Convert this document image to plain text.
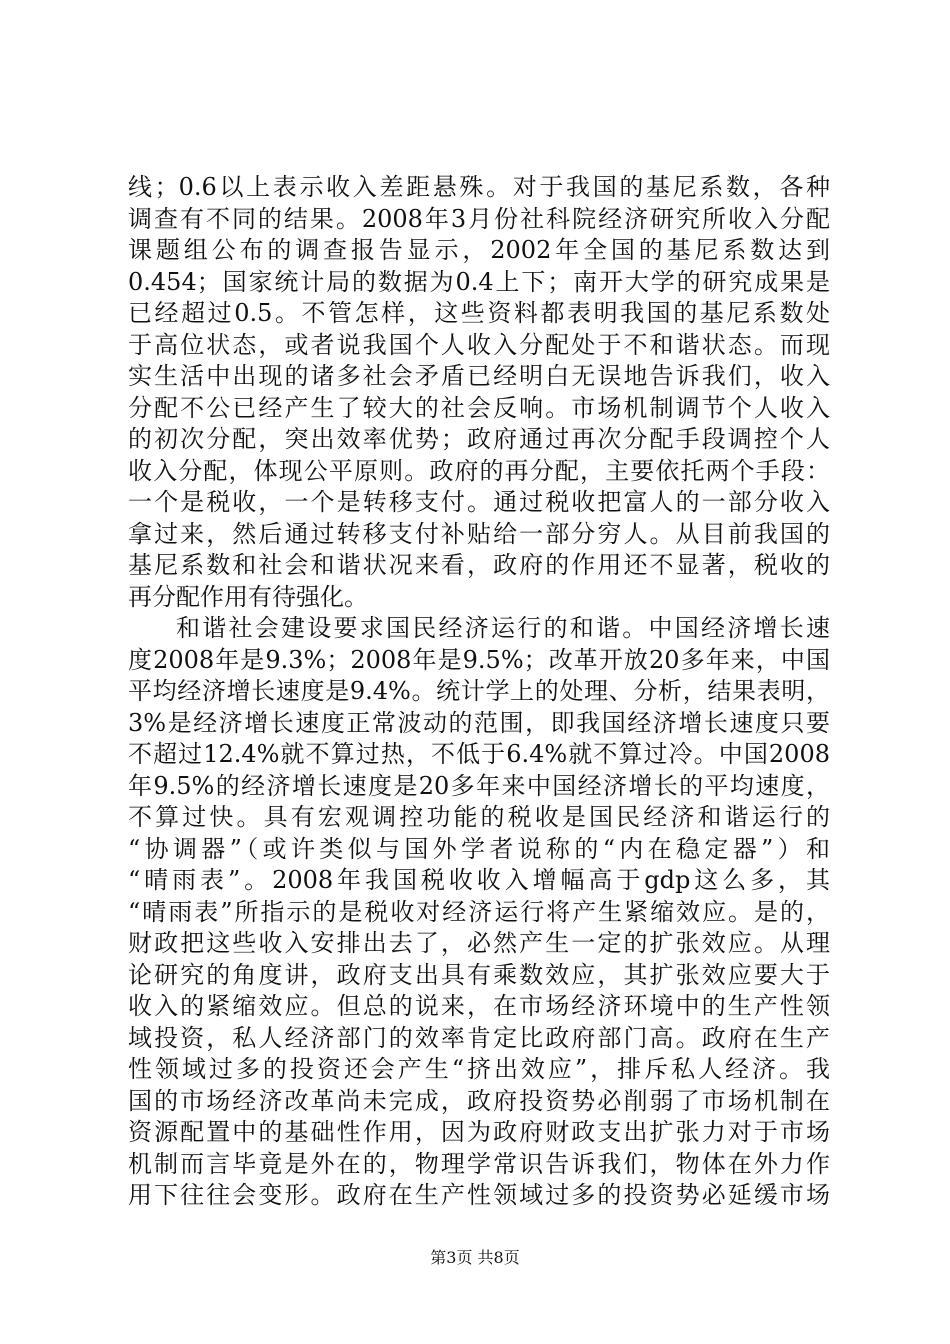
线；0.6以上表示收入差距悬殊。对于我国的基尼系数，各种
调查有不同的结果。2008年3月份社科院经济研究所收入分配
课题组公布的调查报告显示，2002年全国的基尼系数达到
0.454；国家统计局的数据为0.4上下；南开大学的研究成果是
已经超过0.5。不管怎样，这些资料都表明我国的基尼系数处
于高位状态，或者说我国个人收入分配处于不和谐状态。而现
实生活中出现的诸多社会矛盾已经明白无误地告诉我们，收入
分配不公已经产生了较大的社会反响。市场机制调节个人收入
的初次分配，突出效率优势；政府通过再次分配手段调控个人
收入分配，体现公平原则。政府的再分配，主要依托两个手段：
一个是税收，一个是转移支付。通过税收把富人的一部分收入
拿过来，然后通过转移支付补贴给一部分穷人。从目前我国的
基尼系数和社会和谐状况来看，政府的作用还不显著，税收的
再分配作用有待强化。
和谐社会建设要求国民经济运行的和谐。中国经济增长速
度2008年是9.3%；2008年是9.5%；改革开放20多年来，中国
平均经济增长速度是9.4%。统计学上的处理、分析，结果表明，
3%是经济增长速度正常波动的范围，即我国经济增长速度只要
不超过12.4%就不算过热，不低于6.4%就不算过冷。中国2008
年9.5%的经济增长速度是20多年来中国经济增长的平均速度，
不算过快。具有宏观调控功能的税收是国民经济和谐运行的
“协调器”（或许类似与国外学者说称的“内在稳定器”）和
“晴雨表”。2008年我国税收收入增幅高于gdp这么多，其
“晴雨表”所指示的是税收对经济运行将产生紧缩效应。是的，
财政把这些收入安排出去了，必然产生一定的扩张效应。从理
论研究的角度讲，政府支出具有乘数效应，其扩张效应要大于
收入的紧缩效应。但总的说来，在市场经济环境中的生产性领
域投资，私人经济部门的效率肯定比政府部门高。政府在生产
性领域过多的投资还会产生“挤出效应”，排斥私人经济。我
国的市场经济改革尚未完成，政府投资势必削弱了市场机制在
资源配置中的基础性作用，因为政府财政支出扩张力对于市场
机制而言毕竟是外在的，物理学常识告诉我们，物体在外力作
用下往往会变形。政府在生产性领域过多的投资势必延缓市场
第3页 共8页
